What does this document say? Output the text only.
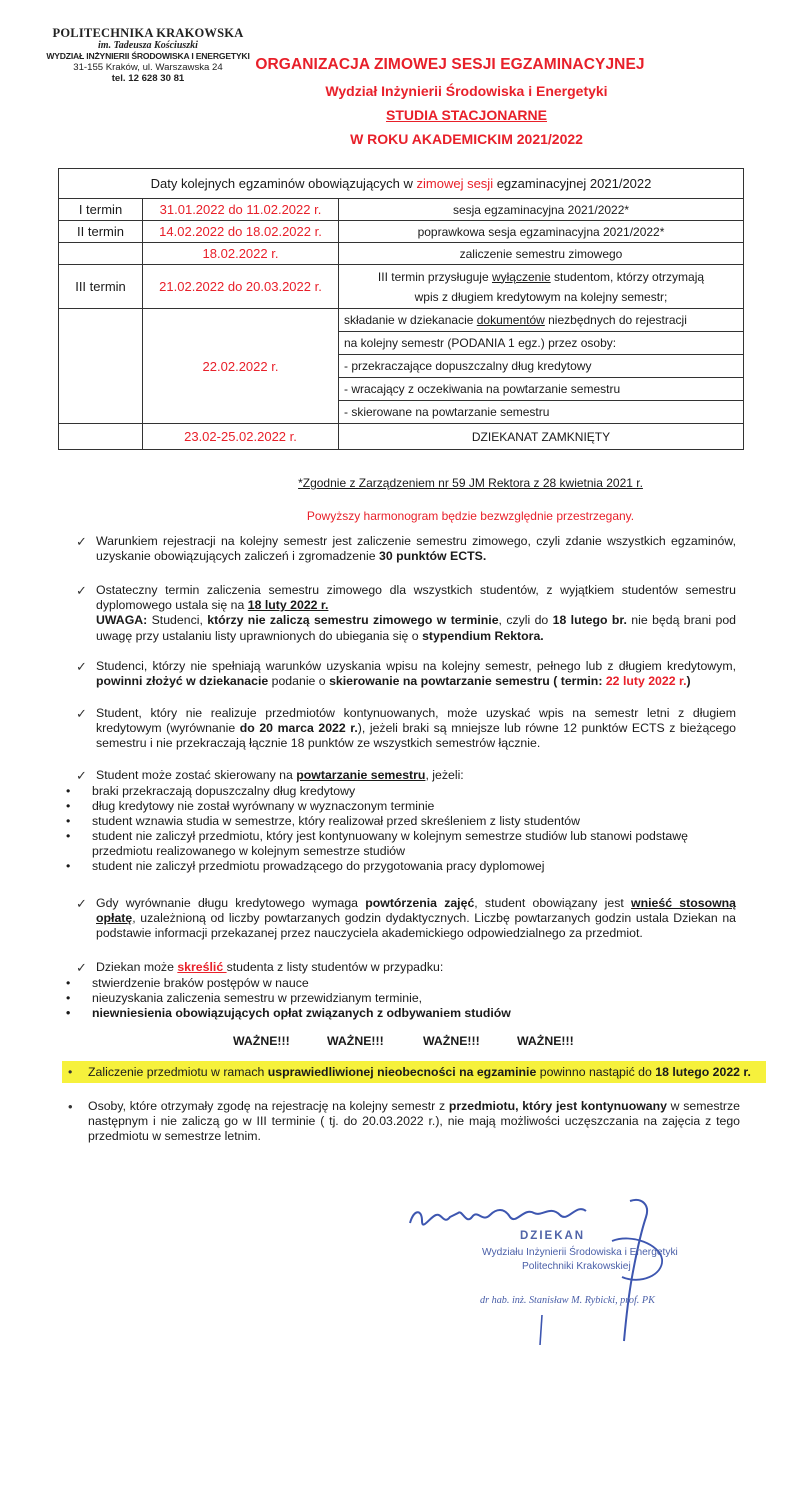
POLITECHNIKA KRAKOWSKA
im. Tadeusza Kościuszki
WYDZIAŁ INŻYNIERII ŚRODOWISKA I ENERGETYKI
31-155 Kraków, ul. Warszawska 24
tel. 12 628 30 81
ORGANIZACJA ZIMOWEJ SESJI EGZAMINACYJNEJ
Wydział Inżynierii Środowiska i Energetyki
STUDIA STACJONARNE
W ROKU AKADEMICKIM 2021/2022
Daty kolejnych egzaminów obowiązujących w zimowej sesji egzaminacyjnej 2021/2022		
I termin	31.01.2022 do 11.02.2022 r.	sesja egzaminacyjna 2021/2022*
II termin	14.02.2022 do 18.02.2022 r.	poprawkowa sesja egzaminacyjna 2021/2022*
	18.02.2022 r.	zaliczenie semestru zimowego
III termin	21.02.2022 do 20.03.2022 r.	III termin przysługuje wyłączenie studentom, którzy otrzymają
wpis z długiem kredytowym na kolejny semestr;
	22.02.2022 r.	składanie w dziekanacie dokumentów niezbędnych do rejestracji
na kolejny semestr (PODANIA 1 egz.) przez osoby:
- przekraczające dopuszczalny dług kredytowy
- wracający z oczekiwania na powtarzanie semestru
- skierowane na powtarzanie semestru

	23.02-25.02.2022 r.	DZIEKANAT ZAMKNIĘTY
*Zgodnie z Zarządzeniem nr 59 JM Rektora z 28 kwietnia 2021 r.
Powyższy harmonogram będzie bezwzględnie przestrzegany.
✓ Warunkiem rejestracji na kolejny semestr jest zaliczenie semestru zimowego, czyli zdanie wszystkich egzaminów, uzyskanie obowiązujących zaliczeń i zgromadzenie 30 punktów ECTS.
✓ Ostateczny termin zaliczenia semestru zimowego dla wszystkich studentów, z wyjątkiem studentów semestru dyplomowego ustala się na 18 luty 2022 r.
UWAGA: Studenci, którzy nie zaliczą semestru zimowego w terminie, czyli do 18 lutego br. nie będą brani pod uwagę przy ustalaniu listy uprawnionych do ubiegania się o stypendium Rektora.
✓ Studenci, którzy nie spełniają warunków uzyskania wpisu na kolejny semestr, pełnego lub z długiem kredytowym, powinni złożyć w dziekanacie podanie o skierowanie na powtarzanie semestru ( termin: 22 luty 2022 r.)
✓ Student, który nie realizuje przedmiotów kontynuowanych, może uzyskać wpis na semestr letni z długiem kredytowym (wyrównanie do 20 marca 2022 r.), jeżeli braki są mniejsze lub równe 12 punktów ECTS z bieżącego semestru i nie przekraczają łącznie 18 punktów ze wszystkich semestrów łącznie.
✓ Student może zostać skierowany na powtarzanie semestru, jeżeli:
• braki przekraczają dopuszczalny dług kredytowy
• dług kredytowy nie został wyrównany w wyznaczonym terminie
• student wznawia studia w semestrze, który realizował przed skreśleniem z listy studentów
• student nie zaliczył przedmiotu, który jest kontynuowany w kolejnym semestrze studiów lub stanowi podstawę przedmiotu realizowanego w kolejnym semestrze studiów
• student nie zaliczył przedmiotu prowadzącego do przygotowania pracy dyplomowej
✓ Gdy wyrównanie długu kredytowego wymaga powtórzenia zajęć, student obowiązany jest wnieść stosowną opłatę, uzależnioną od liczby powtarzanych godzin dydaktycznych. Liczbę powtarzanych godzin ustala Dziekan na podstawie informacji przekazanej przez nauczyciela akademickiego odpowiedzialnego za przedmiot.
✓ Dziekan może skreślić studenta z listy studentów w przypadku:
• stwierdzenie braków postępów w nauce
• nieuzyskania zaliczenia semestru w przewidzianym terminie,
• niewniesienia obowiązujących opłat związanych z odbywaniem studiów
WAŻNE!!!	WAŻNE!!!	WAŻNE!!!	WAŻNE!!!
• Zaliczenie przedmiotu w ramach usprawiedliwionej nieobecności na egzaminie powinno nastąpić do 18 lutego 2022 r.
• Osoby, które otrzymały zgodę na rejestrację na kolejny semestr z przedmiotu, który jest kontynuowany w semestrze następnym i nie zaliczą go w III terminie ( tj. do 20.03.2022 r.), nie mają możliwości uczęszczania na zajęcia z tego przedmiotu w semestrze letnim.
DZIEKAN
Wydziału Inżynierii Środowiska i Energetyki
Politechniki Krakowskiej
dr hab. inż. Stanisław M. Rybicki, prof. PK
